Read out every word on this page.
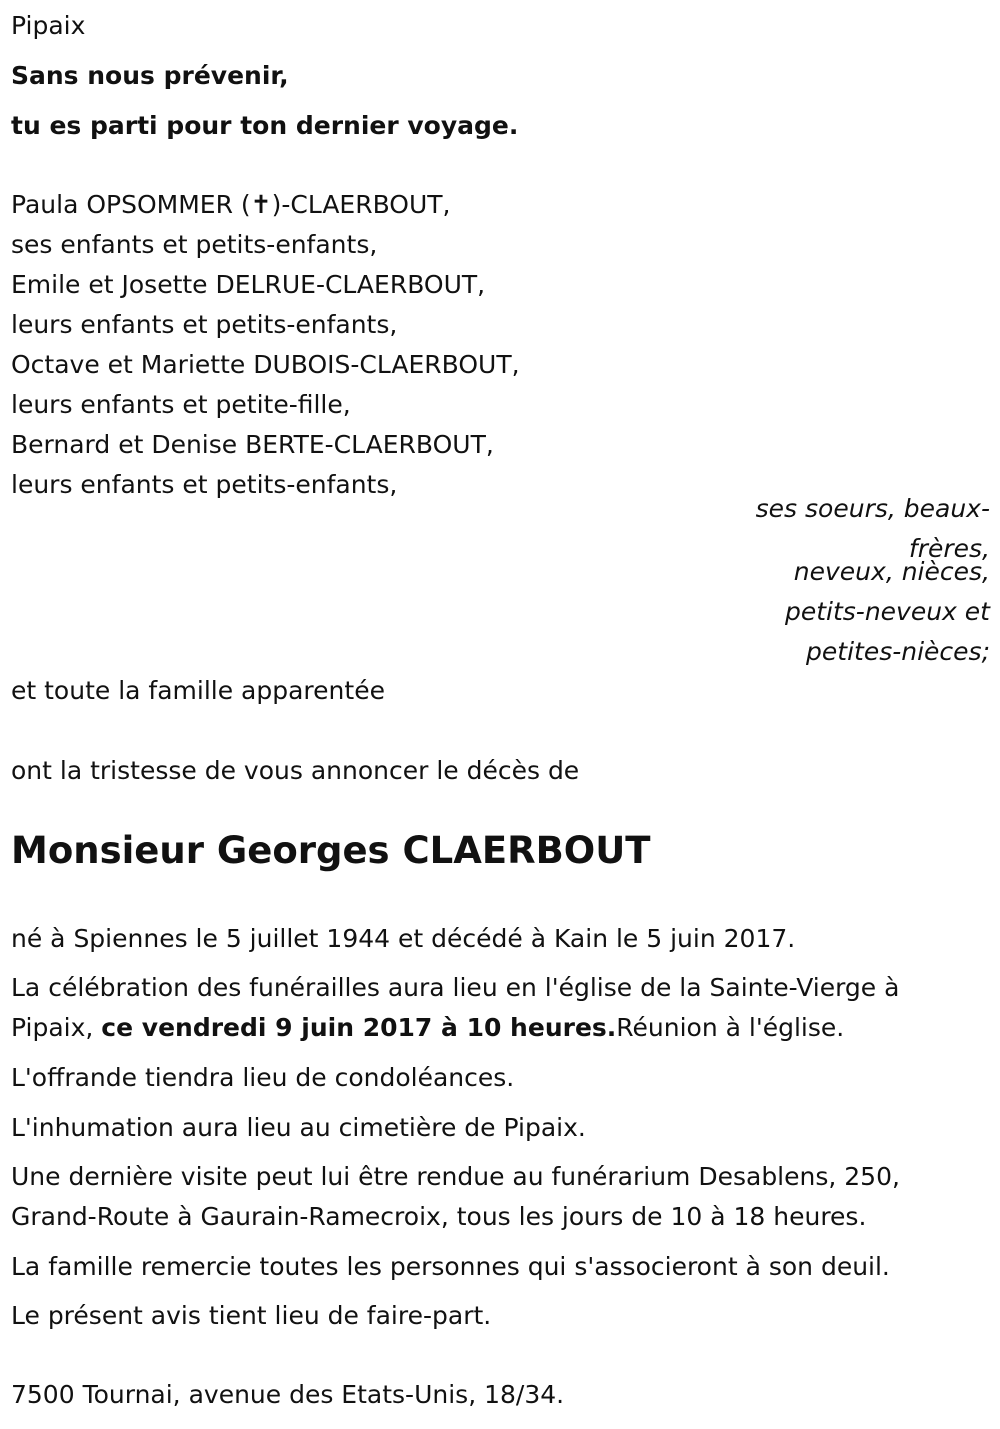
Pipaix

Sans nous prévenir,

tu es parti pour ton dernier voyage.

Paula OPSOMMER (✝)-CLAERBOUT,

ses enfants et petits-enfants,

Emile et Josette DELRUE-CLAERBOUT,

leurs enfants et petits-enfants,

Octave et Mariette DUBOIS-CLAERBOUT,

leurs enfants et petite-fille,

Bernard et Denise BERTE-CLAERBOUT,

leurs enfants et petits-enfants,

ses soeurs, beaux-
frères,
neveux, nièces,
petits-neveux et
petites-nièces;

et toute la famille apparentée

ont la tristesse de vous annoncer le décès de

Monsieur Georges CLAERBOUT

né à Spiennes le 5 juillet 1944 et décédé à Kain le 5 juin 2017.

La célébration des funérailles aura lieu en l'église de la Sainte-Vierge à Pipaix, ce vendredi 9 juin 2017 à 10 heures.Réunion à l'église.

L'offrande tiendra lieu de condoléances.

L'inhumation aura lieu au cimetière de Pipaix.

Une dernière visite peut lui être rendue au funérarium Desablens, 250, Grand-Route à Gaurain-Ramecroix, tous les jours de 10 à 18 heures.

La famille remercie toutes les personnes qui s'associeront à son deuil.

Le présent avis tient lieu de faire-part.

7500 Tournai, avenue des Etats-Unis, 18/34.
